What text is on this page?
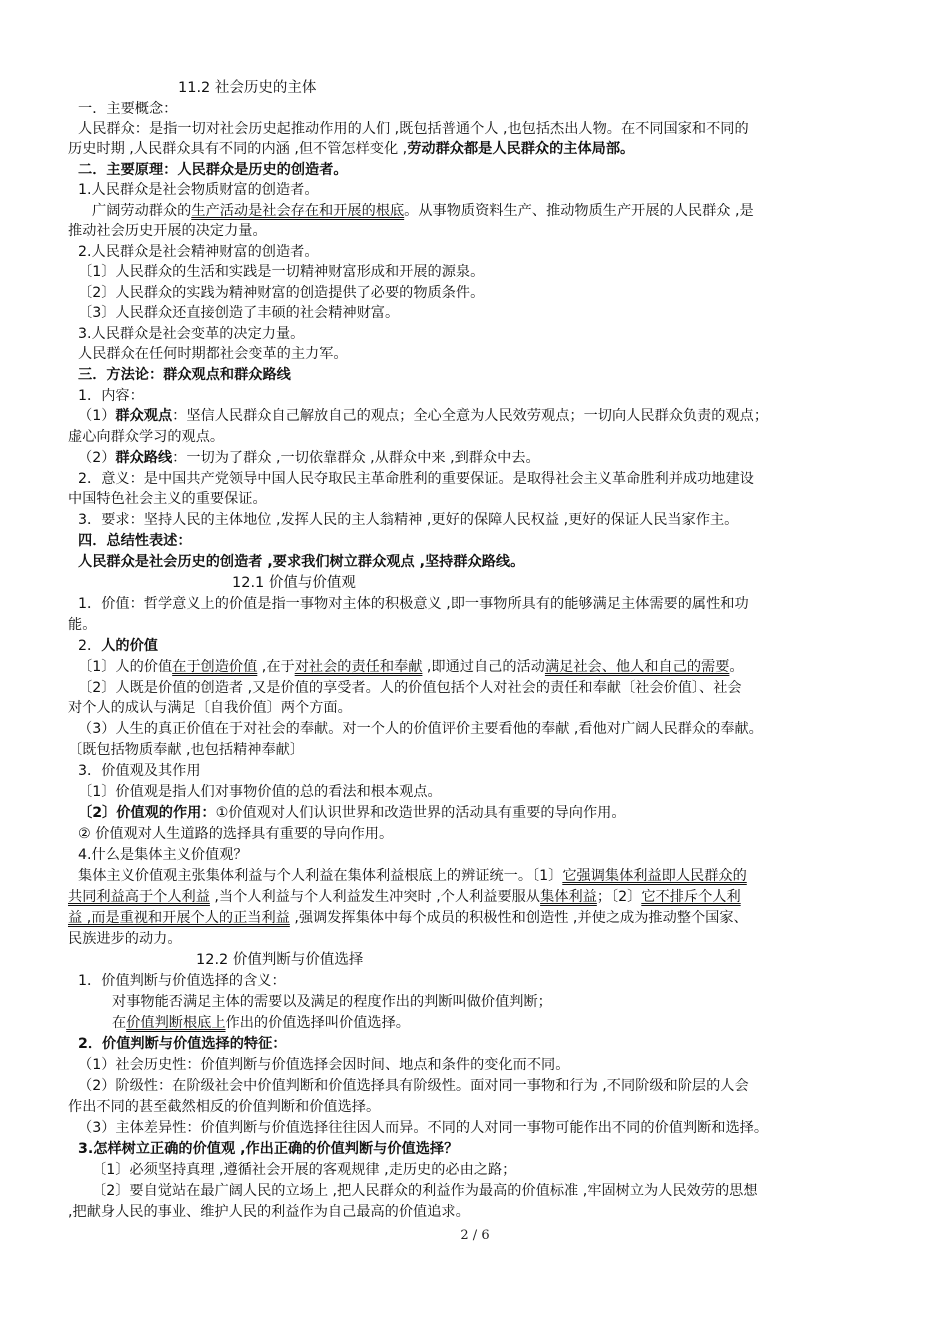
11.2 社会历史的主体
一．主要概念：
人民群众：是指一切对社会历史起推动作用的人们 ,既包括普通个人 ,也包括杰出人物。在不同国家和不同的
历史时期 ,人民群众具有不同的内涵 ,但不管怎样变化 ,劳动群众都是人民群众的主体局部。
二．主要原理：人民群众是历史的创造者。
1.人民群众是社会物质财富的创造者。
广阔劳动群众的生产活动是社会存在和开展的根底。从事物质资料生产、推动物质生产开展的人民群众 ,是
推动社会历史开展的决定力量。
2.人民群众是社会精神财富的创造者。
〔1〕人民群众的生活和实践是一切精神财富形成和开展的源泉。
〔2〕人民群众的实践为精神财富的创造提供了必要的物质条件。
〔3〕人民群众还直接创造了丰硕的社会精神财富。
3.人民群众是社会变革的决定力量。
人民群众在任何时期都社会变革的主力军。
三．方法论：群众观点和群众路线
1．内容：
（1）群众观点：坚信人民群众自己解放自己的观点；全心全意为人民效劳观点；一切向人民群众负责的观点；
虚心向群众学习的观点。
（2）群众路线：一切为了群众 ,一切依靠群众 ,从群众中来 ,到群众中去。
2．意义：是中国共产党领导中国人民夺取民主革命胜利的重要保证。是取得社会主义革命胜利并成功地建设
中国特色社会主义的重要保证。
3．要求：坚持人民的主体地位 ,发挥人民的主人翁精神 ,更好的保障人民权益 ,更好的保证人民当家作主。
四．总结性表述：
人民群众是社会历史的创造者 ,要求我们树立群众观点 ,坚持群众路线。
12.1 价值与价值观
1．价值：哲学意义上的价值是指一事物对主体的积极意义 ,即一事物所具有的能够满足主体需要的属性和功
能。
2．人的价值
〔1〕人的价值在于创造价值 ,在于对社会的责任和奉献 ,即通过自己的活动满足社会、他人和自己的需要。
〔2〕人既是价值的创造者 ,又是价值的享受者。人的价值包括个人对社会的责任和奉献〔社会价值〕、社会
对个人的成认与满足〔自我价值〕两个方面。
（3）人生的真正价值在于对社会的奉献。对一个人的价值评价主要看他的奉献 ,看他对广阔人民群众的奉献。
〔既包括物质奉献 ,也包括精神奉献〕
3．价值观及其作用
〔1〕价值观是指人们对事物价值的总的看法和根本观点。
〔2〕价值观的作用：①价值观对人们认识世界和改造世界的活动具有重要的导向作用。
② 价值观对人生道路的选择具有重要的导向作用。
4.什么是集体主义价值观？
集体主义价值观主张集体利益与个人利益在集体利益根底上的辨证统一。〔1〕它强调集体利益即人民群众的
共同利益高于个人利益 ,当个人利益与个人利益发生冲突时 ,个人利益要服从集体利益；〔2〕它不排斥个人利
益 ,而是重视和开展个人的正当利益 ,强调发挥集体中每个成员的积极性和创造性 ,并使之成为推动整个国家、
民族进步的动力。
12.2 价值判断与价值选择
1．价值判断与价值选择的含义：
对事物能否满足主体的需要以及满足的程度作出的判断叫做价值判断；
在价值判断根底上作出的价值选择叫价值选择。
2．价值判断与价值选择的特征：
（1）社会历史性：价值判断与价值选择会因时间、地点和条件的变化而不同。
（2）阶级性：在阶级社会中价值判断和价值选择具有阶级性。面对同一事物和行为 ,不同阶级和阶层的人会
作出不同的甚至截然相反的价值判断和价值选择。
（3）主体差异性：价值判断与价值选择往往因人而异。不同的人对同一事物可能作出不同的价值判断和选择。
3.怎样树立正确的价值观 ,作出正确的价值判断与价值选择？
〔1〕必须坚持真理 ,遵循社会开展的客观规律 ,走历史的必由之路；
〔2〕要自觉站在最广阔人民的立场上 ,把人民群众的利益作为最高的价值标准 ,牢固树立为人民效劳的思想
,把献身人民的事业、维护人民的利益作为自己最高的价值追求。
2 / 6
